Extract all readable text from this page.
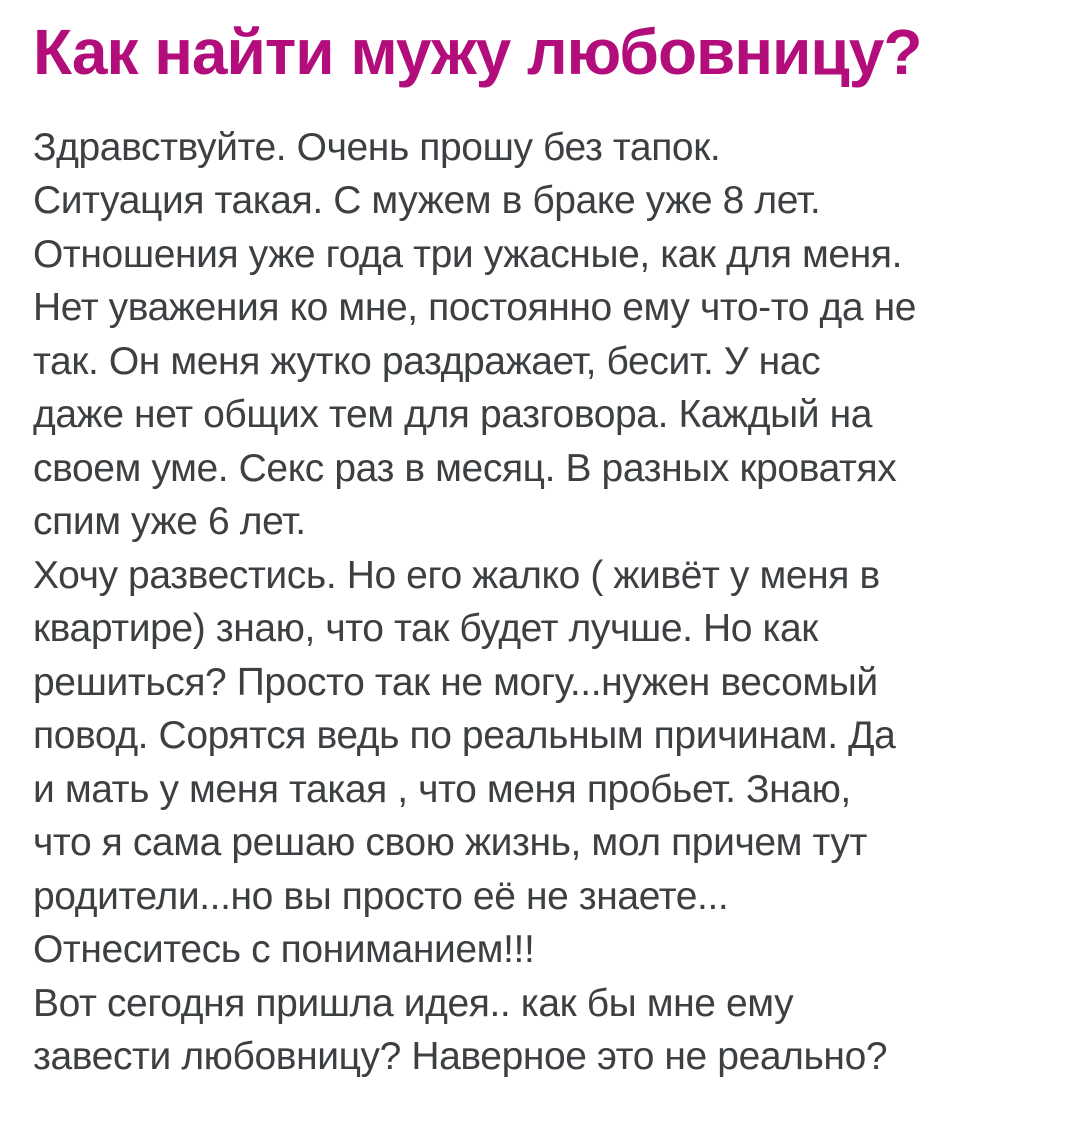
Как найти мужу любовницу?
Здравствуйте. Очень прошу без тапок.
Ситуация такая. С мужем в браке уже 8 лет.
Отношения уже года три ужасные, как для меня.
Нет уважения ко мне, постоянно ему что-то да не
так. Он меня жутко раздражает, бесит. У нас
даже нет общих тем для разговора. Каждый на
своем уме. Секс раз в месяц. В разных кроватях
спим уже 6 лет.
Хочу развестись. Но его жалко ( живёт у меня в
квартире) знаю, что так будет лучше. Но как
решиться? Просто так не могу...нужен весомый
повод. Сорятся ведь по реальным причинам. Да
и мать у меня такая , что меня пробьет. Знаю,
что я сама решаю свою жизнь, мол причем тут
родители...но вы просто её не знаете...
Отнеситесь с пониманием!!!
Вот сегодня пришла идея.. как бы мне ему
завести любовницу? Наверное это не реально?
